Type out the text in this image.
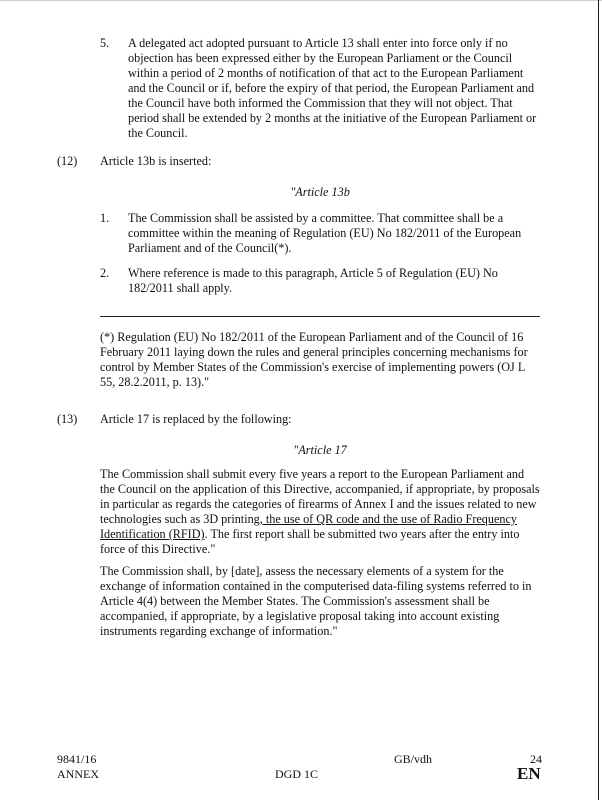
5. A delegated act adopted pursuant to Article 13 shall enter into force only if no objection has been expressed either by the European Parliament or the Council within a period of 2 months of notification of that act to the European Parliament and the Council or if, before the expiry of that period, the European Parliament and the Council have both informed the Commission that they will not object. That period shall be extended by 2 months at the initiative of the European Parliament or the Council.

(12) Article 13b is inserted:
"Article 13b
1. The Commission shall be assisted by a committee. That committee shall be a committee within the meaning of Regulation (EU) No 182/2011 of the European Parliament and of the Council(*).

2. Where reference is made to this paragraph, Article 5 of Regulation (EU) No 182/2011 shall apply.

(*) Regulation (EU) No 182/2011 of the European Parliament and of the Council of 16 February 2011 laying down the rules and general principles concerning mechanisms for control by Member States of the Commission's exercise of implementing powers (OJ L 55, 28.2.2011, p. 13)."

(13) Article 17 is replaced by the following:
"Article 17

The Commission shall submit every five years a report to the European Parliament and the Council on the application of this Directive, accompanied, if appropriate, by proposals in particular as regards the categories of firearms of Annex I and the issues related to new technologies such as 3D printing, the use of QR code and the use of Radio Frequency Identification (RFID). The first report shall be submitted two years after the entry into force of this Directive."

The Commission shall, by [date], assess the necessary elements of a system for the exchange of information contained in the computerised data-filing systems referred to in Article 4(4) between the Member States. The Commission's assessment shall be accompanied, if appropriate, by a legislative proposal taking into account existing instruments regarding exchange of information."

9841/16	GB/vdh	24
ANNEX	DGD 1C	EN
